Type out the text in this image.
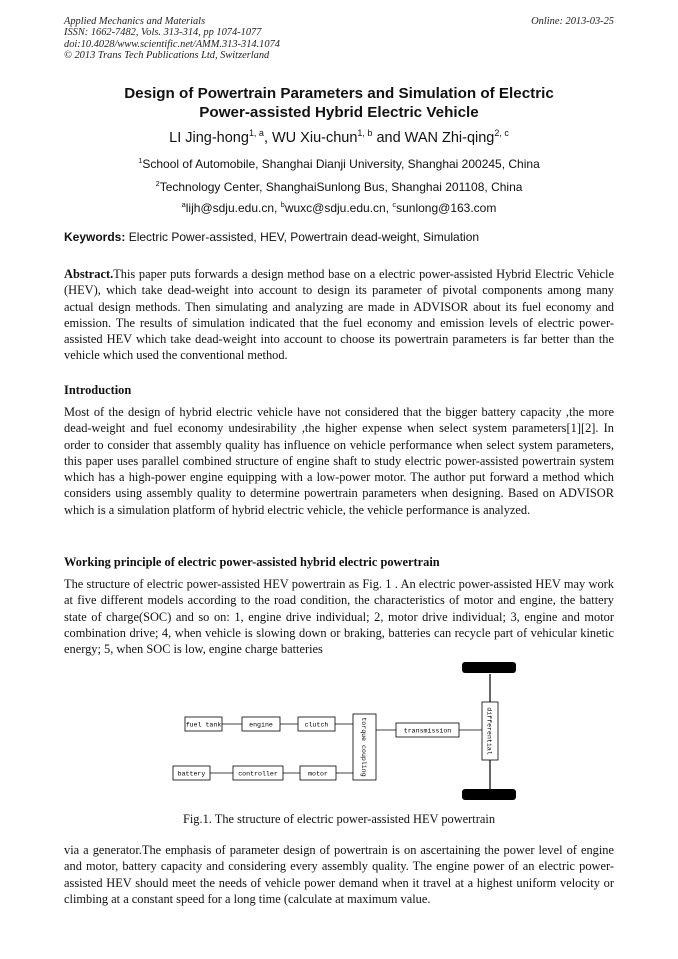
Applied Mechanics and Materials
ISSN: 1662-7482, Vols. 313-314, pp 1074-1077
doi:10.4028/www.scientific.net/AMM.313-314.1074
© 2013 Trans Tech Publications Ltd, Switzerland
Online: 2013-03-25
Design of Powertrain Parameters and Simulation of Electric
Power-assisted Hybrid Electric Vehicle
LI Jing-hong$^{1, a}$, WU Xiu-chun$^{1, b}$ and WAN Zhi-qing$^{2, c}$
$^1$School of Automobile, Shanghai Dianji University, Shanghai 200245, China
$^2$Technology Center, ShanghaiSunlong Bus, Shanghai 201108, China
$^a$lijh@sdju.edu.cn, $^b$wuxc@sdju.edu.cn, $^c$sunlong@163.com
Keywords: Electric Power-assisted, HEV, Powertrain dead-weight, Simulation
Abstract.This paper puts forwards a design method base on a electric power-assisted Hybrid Electric Vehicle (HEV), which take dead-weight into account to design its parameter of pivotal components among many actual design methods. Then simulating and analyzing are made in ADVISOR about its fuel economy and emission. The results of simulation indicated that the fuel economy and emission levels of electric power-assisted HEV which take dead-weight into account to choose its powertrain parameters is far better than the vehicle which used the conventional method.
Introduction
Most of the design of hybrid electric vehicle have not considered that the bigger battery capacity ,the more dead-weight and fuel economy undesirability ,the higher expense when select system parameters[1][2]. In order to consider that assembly quality has influence on vehicle performance when select system parameters, this paper uses parallel combined structure of engine shaft to study electric power-assisted powertrain system which has a high-power engine equipping with a low-power motor. The author put forward a method which considers using assembly quality to determine powertrain parameters when designing. Based on ADVISOR which is a simulation platform of hybrid electric vehicle, the vehicle performance is analyzed.
Working principle of electric power-assisted hybrid electric powertrain
The structure of electric power-assisted HEV powertrain as Fig. 1 . An electric power-assisted HEV may work at five different models according to the road condition, the characteristics of motor and engine, the battery state of charge(SOC) and so on: 1, engine drive individual; 2, motor drive individual; 3, engine and motor combination drive; 4, when vehicle is slowing down or braking, batteries can recycle part of vehicular kinetic energy; 5, when SOC is low, engine charge batteries
fuel tank	engine	clutch
battery	controller	motor	torque coupling	transmission	differential
Fig.1. The structure of electric power-assisted HEV powertrain
via a generator.The emphasis of parameter design of powertrain is on ascertaining the power level of engine and motor, battery capacity and considering every assembly quality. The engine power of an electric power-assisted HEV should meet the needs of vehicle power demand when it travel at a highest uniform velocity or climbing at a constant speed for a long time (calculate at maximum value.
